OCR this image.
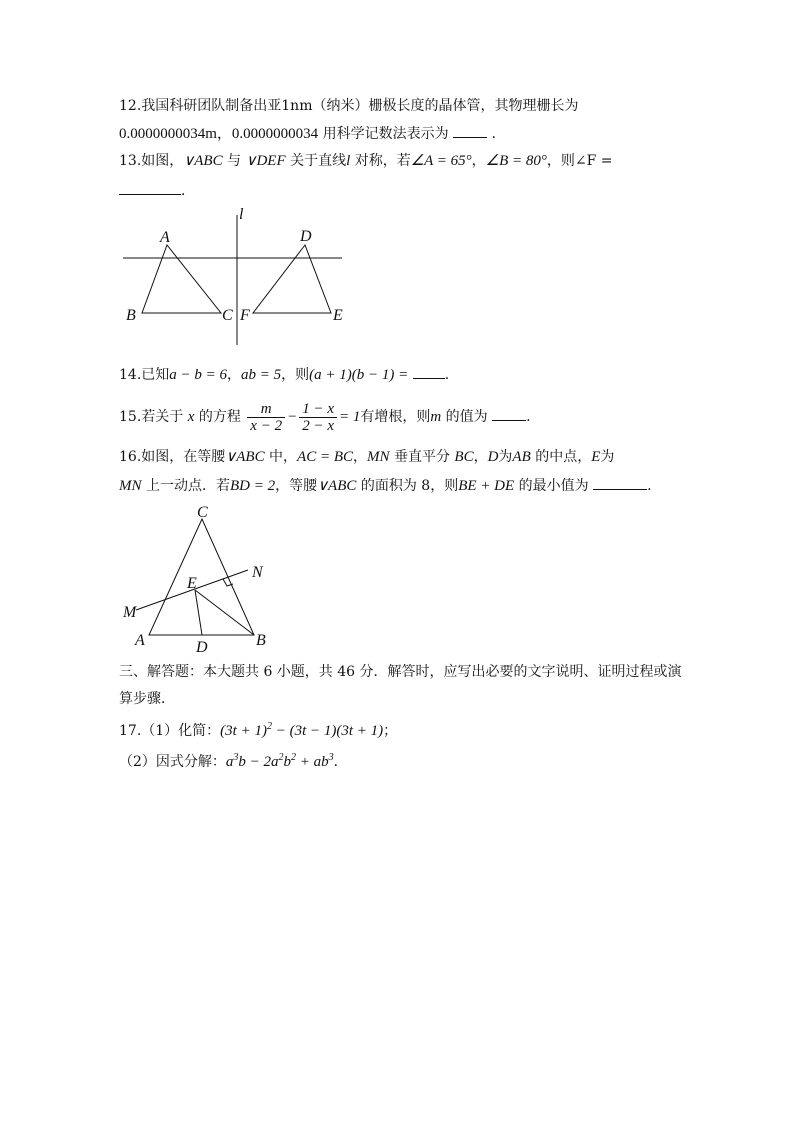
12.我国科研团队制备出亚1nm（纳米）栅极长度的晶体管，其物理栅长为
0.0000000034m，0.0000000034 用科学记数法表示为	.
13.如图，∨ABC 与 ∨DEF 关于直线l 对称，若∠A = 65°，∠B = 80°，则∠F =
.
l
A
B	C
D
E
F
14.已知a − b = 6，ab = 5，则(a + 1)(b − 1) =	.
15.若关于 x 的方程 $\frac{m}{x - 2} - \frac{1 - x}{2 - x} = 1$有增根，则m 的值为	.
16.如图，在等腰∨ABC 中，AC = BC，MN 垂直平分 BC，D为AB 的中点，E为
MN 上一动点．若BD = 2，等腰∨ABC 的面积为 8，则BE + DE 的最小值为	.
C
E
N
M
A	D	B
三、解答题：本大题共 6 小题，共 46 分．解答时，应写出必要的文字说明、证明过程或演
算步骤．
17.（1）化简：$(3t + 1)^2 - (3t - 1)(3t + 1)$；
（2）因式分解：$a^3b - 2a^2b^2 + ab^3$．
